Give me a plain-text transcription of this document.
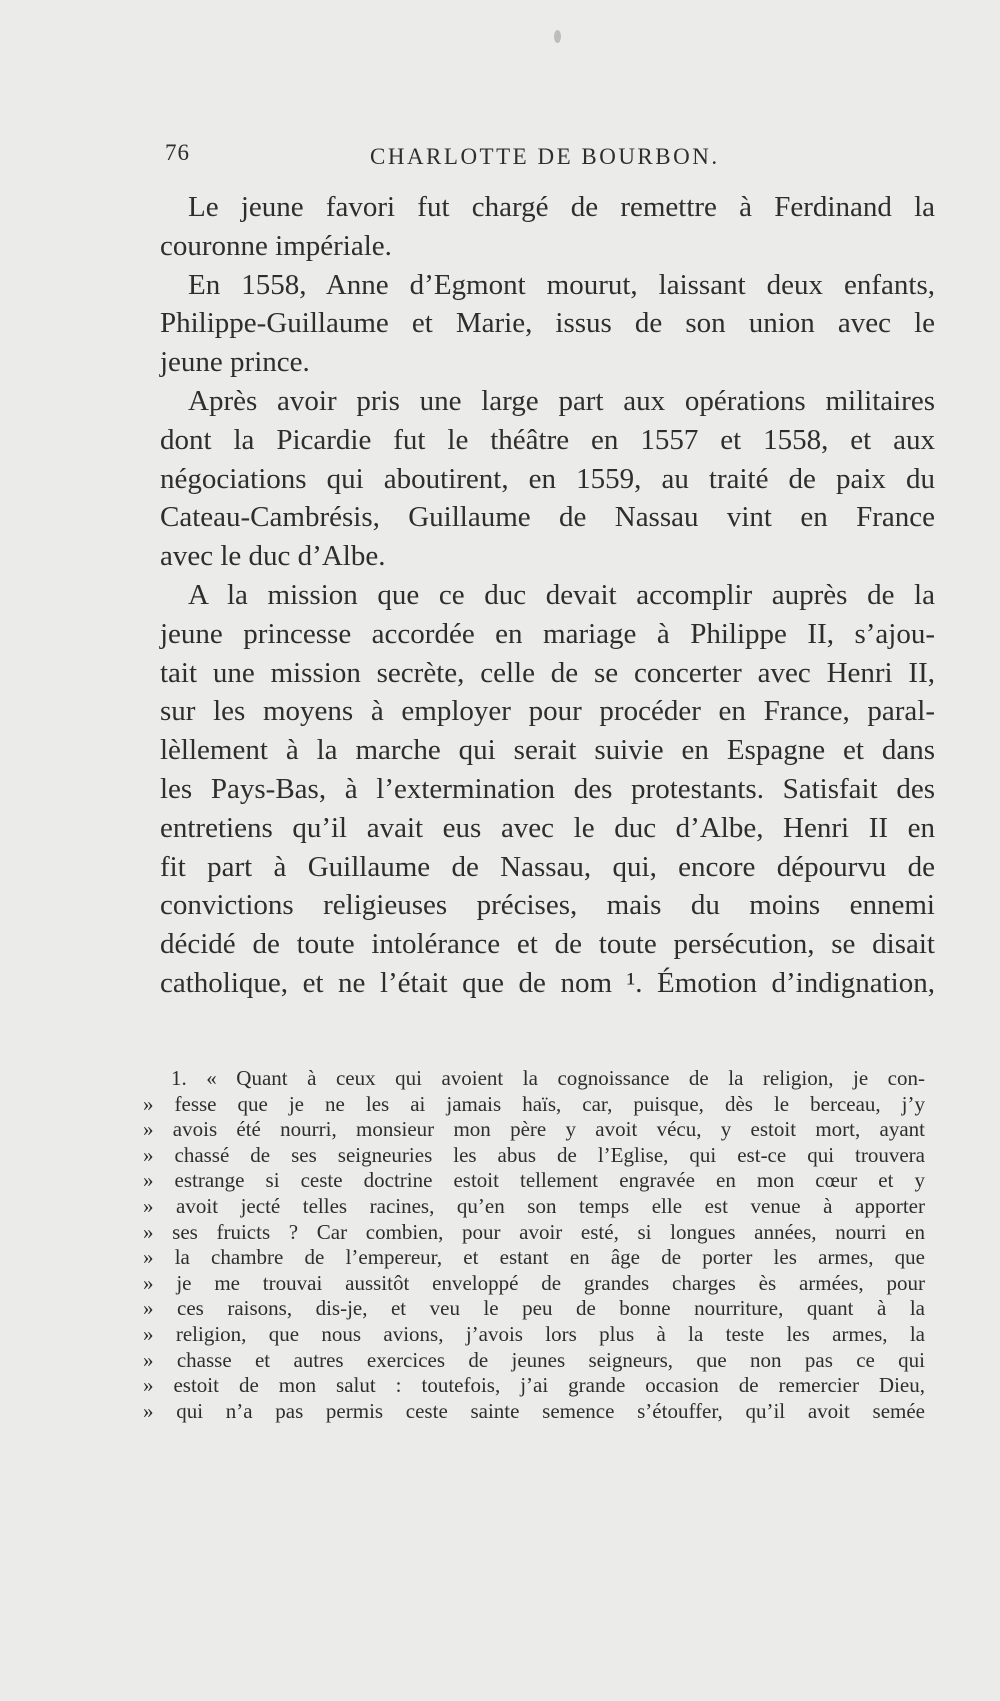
76	CHARLOTTE DE BOURBON.
Le jeune favori fut chargé de remettre à Ferdinand la
couronne impériale.
En 1558, Anne d’Egmont mourut, laissant deux enfants,
Philippe-Guillaume et Marie, issus de son union avec le
jeune prince.
Après avoir pris une large part aux opérations militaires
dont la Picardie fut le théâtre en 1557 et 1558, et aux
négociations qui aboutirent, en 1559, au traité de paix du
Cateau-Cambrésis, Guillaume de Nassau vint en France
avec le duc d’Albe.
A la mission que ce duc devait accomplir auprès de la
jeune princesse accordée en mariage à Philippe II, s’ajou-
tait une mission secrète, celle de se concerter avec Henri II,
sur les moyens à employer pour procéder en France, paral-
lèllement à la marche qui serait suivie en Espagne et dans
les Pays-Bas, à l’extermination des protestants. Satisfait des
entretiens qu’il avait eus avec le duc d’Albe, Henri II en
fit part à Guillaume de Nassau, qui, encore dépourvu de
convictions religieuses précises, mais du moins ennemi
décidé de toute intolérance et de toute persécution, se disait
catholique, et ne l’était que de nom ¹. Émotion d’indignation,
1. « Quant à ceux qui avoient la cognoissance de la religion, je con-
» fesse que je ne les ai jamais haïs, car, puisque, dès le berceau, j’y
» avois été nourri, monsieur mon père y avoit vécu, y estoit mort, ayant
» chassé de ses seigneuries les abus de l’Eglise, qui est-ce qui trouvera
» estrange si ceste doctrine estoit tellement engravée en mon cœur et y
» avoit jecté telles racines, qu’en son temps elle est venue à apporter
» ses fruicts ? Car combien, pour avoir esté, si longues années, nourri en
» la chambre de l’empereur, et estant en âge de porter les armes, que
» je me trouvai aussitôt enveloppé de grandes charges ès armées, pour
» ces raisons, dis-je, et veu le peu de bonne nourriture, quant à la
» religion, que nous avions, j’avois lors plus à la teste les armes, la
» chasse et autres exercices de jeunes seigneurs, que non pas ce qui
» estoit de mon salut : toutefois, j’ai grande occasion de remercier Dieu,
» qui n’a pas permis ceste sainte semence s’étouffer, qu’il avoit semée
